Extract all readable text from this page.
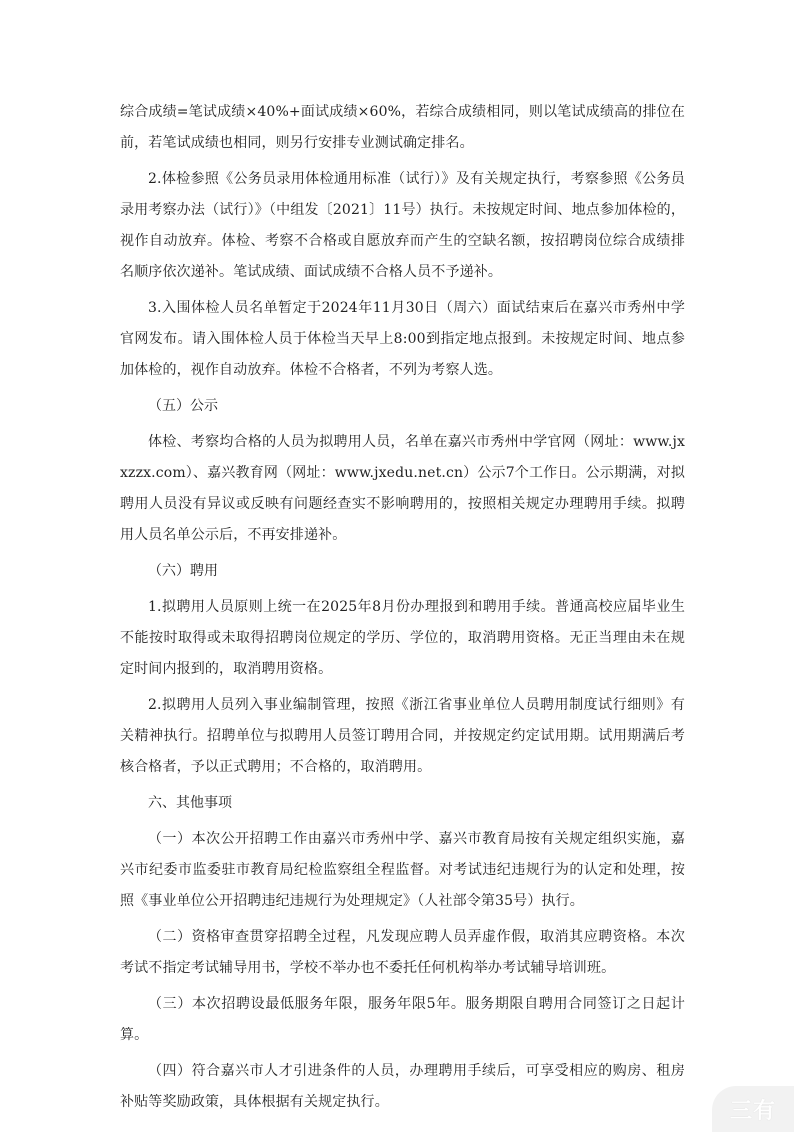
综合成绩=笔试成绩×40%+面试成绩×60%，若综合成绩相同，则以笔试成绩高的排位在前，若笔试成绩也相同，则另行安排专业测试确定排名。

2.体检参照《公务员录用体检通用标准（试行）》及有关规定执行，考察参照《公务员录用考察办法（试行）》（中组发〔2021〕11号）执行。未按规定时间、地点参加体检的，视作自动放弃。体检、考察不合格或自愿放弃而产生的空缺名额，按招聘岗位综合成绩排名顺序依次递补。笔试成绩、面试成绩不合格人员不予递补。

3.入围体检人员名单暂定于2024年11月30日（周六）面试结束后在嘉兴市秀州中学官网发布。请入围体检人员于体检当天早上8:00到指定地点报到。未按规定时间、地点参加体检的，视作自动放弃。体检不合格者，不列为考察人选。

（五）公示

体检、考察均合格的人员为拟聘用人员，名单在嘉兴市秀州中学官网（网址：www.jxxzzx.com）、嘉兴教育网（网址：www.jxedu.net.cn）公示7个工作日。公示期满，对拟聘用人员没有异议或反映有问题经查实不影响聘用的，按照相关规定办理聘用手续。拟聘用人员名单公示后，不再安排递补。

（六）聘用

1.拟聘用人员原则上统一在2025年8月份办理报到和聘用手续。普通高校应届毕业生不能按时取得或未取得招聘岗位规定的学历、学位的，取消聘用资格。无正当理由未在规定时间内报到的，取消聘用资格。

2.拟聘用人员列入事业编制管理，按照《浙江省事业单位人员聘用制度试行细则》有关精神执行。招聘单位与拟聘用人员签订聘用合同，并按规定约定试用期。试用期满后考核合格者，予以正式聘用；不合格的，取消聘用。

六、其他事项

（一）本次公开招聘工作由嘉兴市秀州中学、嘉兴市教育局按有关规定组织实施，嘉兴市纪委市监委驻市教育局纪检监察组全程监督。对考试违纪违规行为的认定和处理，按照《事业单位公开招聘违纪违规行为处理规定》（人社部令第35号）执行。

（二）资格审查贯穿招聘全过程，凡发现应聘人员弄虚作假，取消其应聘资格。本次考试不指定考试辅导用书，学校不举办也不委托任何机构举办考试辅导培训班。

（三）本次招聘设最低服务年限，服务年限5年。服务期限自聘用合同签订之日起计算。

（四）符合嘉兴市人才引进条件的人员，办理聘用手续后，可享受相应的购房、租房补贴等奖励政策，具体根据有关规定执行。	三有
